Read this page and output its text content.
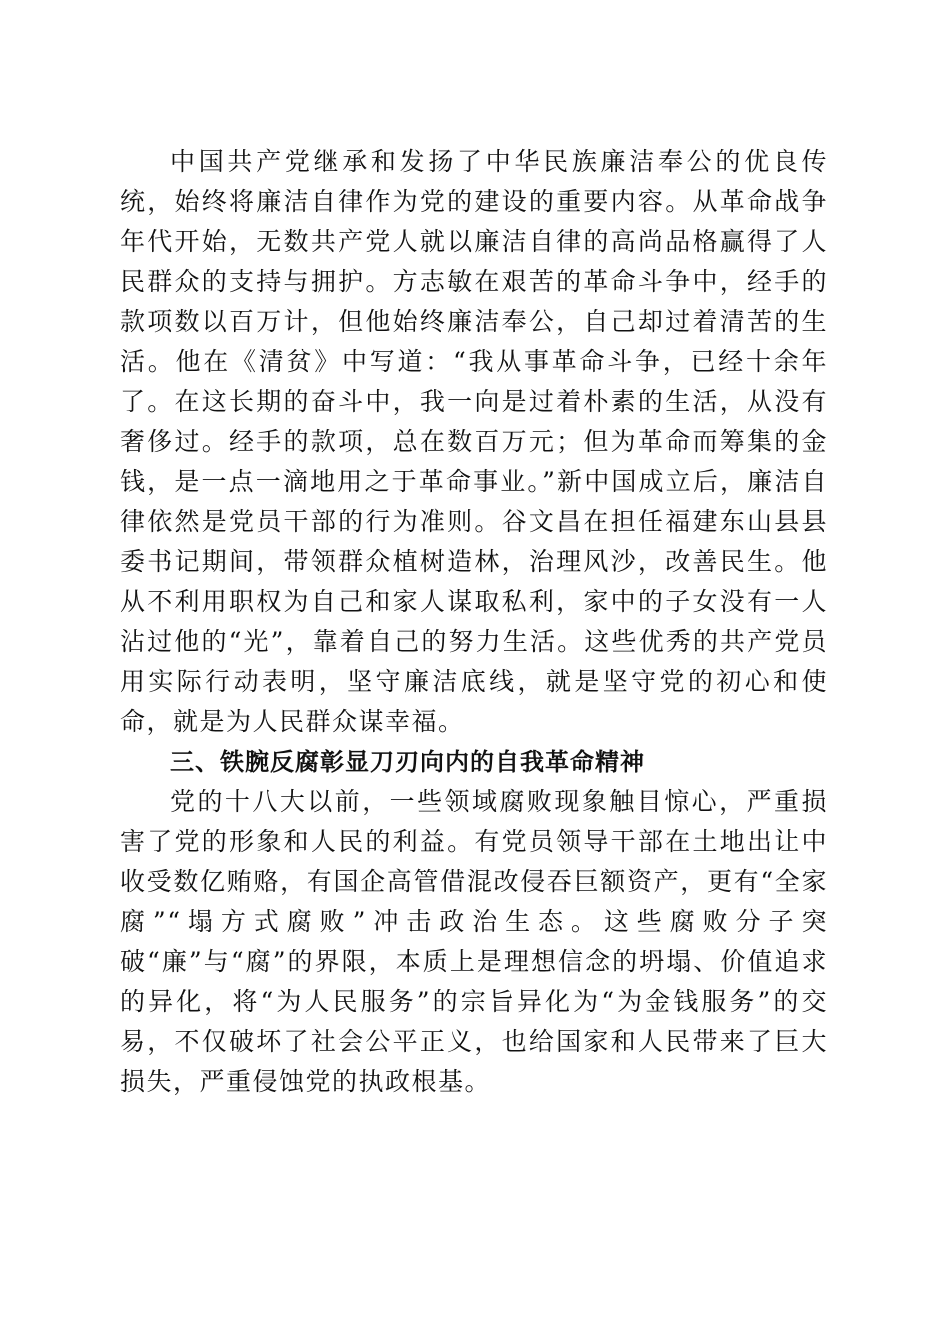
中国共产党继承和发扬了中华民族廉洁奉公的优良传统，始终将廉洁自律作为党的建设的重要内容。从革命战争年代开始，无数共产党人就以廉洁自律的高尚品格赢得了人民群众的支持与拥护。方志敏在艰苦的革命斗争中，经手的款项数以百万计，但他始终廉洁奉公，自己却过着清苦的生活。他在《清贫》中写道：“我从事革命斗争，已经十余年了。在这长期的奋斗中，我一向是过着朴素的生活，从没有奢侈过。经手的款项，总在数百万元；但为革命而筹集的金钱，是一点一滴地用之于革命事业。”新中国成立后，廉洁自律依然是党员干部的行为准则。谷文昌在担任福建东山县县委书记期间，带领群众植树造林，治理风沙，改善民生。他从不利用职权为自己和家人谋取私利，家中的子女没有一人沾过他的“光”，靠着自己的努力生活。这些优秀的共产党员用实际行动表明，坚守廉洁底线，就是坚守党的初心和使命，就是为人民群众谋幸福。

三、铁腕反腐彰显刀刃向内的自我革命精神

党的十八大以前，一些领域腐败现象触目惊心，严重损害了党的形象和人民的利益。有党员领导干部在土地出让中收受数亿贿赂，有国企高管借混改侵吞巨额资产，更有“全家腐”“塌方式腐败”冲击政治生态。这些腐败分子突破“廉”与“腐”的界限，本质上是理想信念的坍塌、价值追求的异化，将“为人民服务”的宗旨异化为“为金钱服务”的交易，不仅破坏了社会公平正义，也给国家和人民带来了巨大损失，严重侵蚀党的执政根基。
